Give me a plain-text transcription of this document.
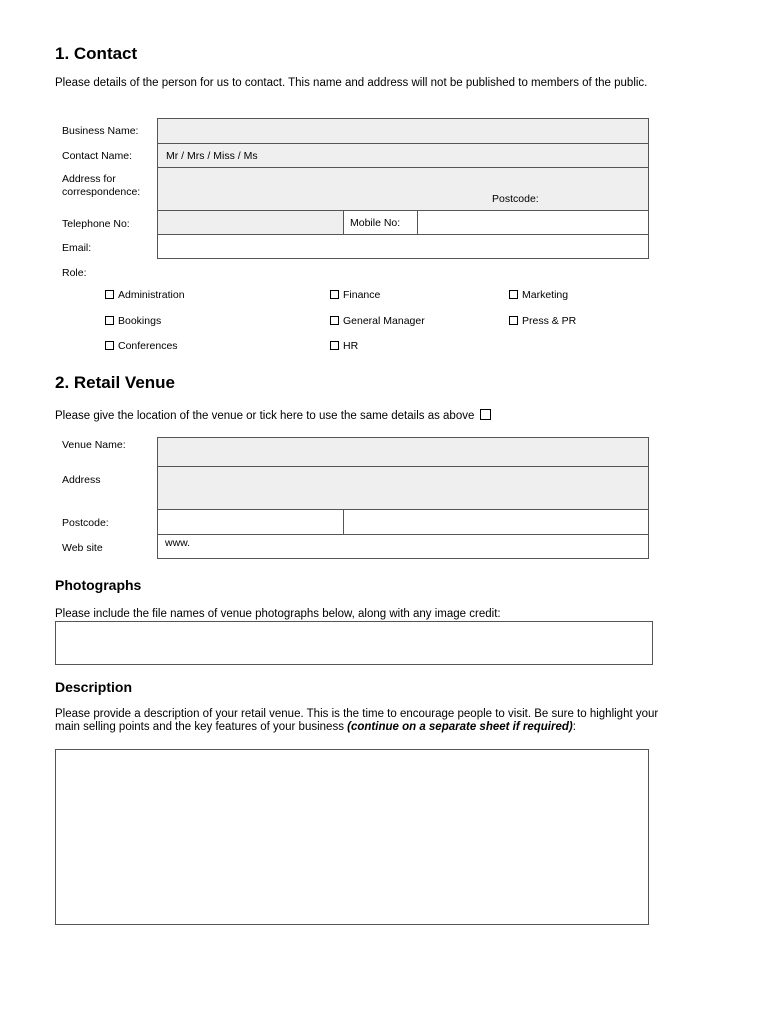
1. Contact
Please details of the person for us to contact. This name and address will not be published to members of the public.
Business Name:
Contact Name:	Mr / Mrs / Miss / Ms
Address for
correspondence:
Postcode:
Telephone No:	Mobile No:
Email:
Role:
Administration	Finance	Marketing
Bookings	General Manager	Press & PR
Conferences	HR
2. Retail Venue
Please give the location of the venue or tick here to use the same details as above
Venue Name:
Address
Postcode:
Web site	www.
Photographs
Please include the file names of venue photographs below, along with any image credit:
Description
Please provide a description of your retail venue. This is the time to encourage people to visit. Be sure to highlight your main selling points and the key features of your business (continue on a separate sheet if required):
